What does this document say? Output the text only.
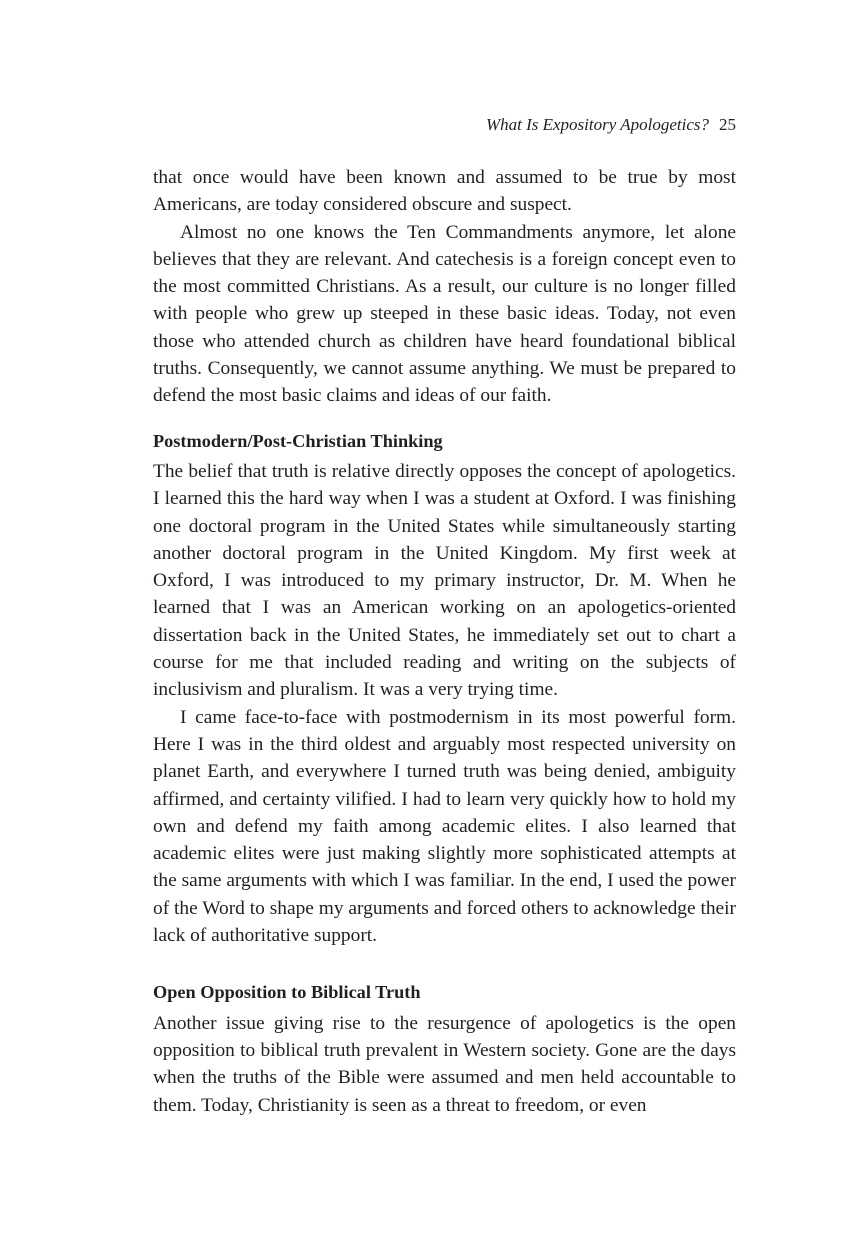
What Is Expository Apologetics? 25

that once would have been known and assumed to be true by most Americans, are today considered obscure and suspect.

Almost no one knows the Ten Commandments anymore, let alone believes that they are relevant. And catechesis is a foreign concept even to the most committed Christians. As a result, our culture is no longer filled with people who grew up steeped in these basic ideas. Today, not even those who attended church as children have heard foundational biblical truths. Consequently, we cannot assume anything. We must be prepared to defend the most basic claims and ideas of our faith.

Postmodern/Post-Christian Thinking

The belief that truth is relative directly opposes the concept of apologetics. I learned this the hard way when I was a student at Oxford. I was finishing one doctoral program in the United States while simultaneously starting another doctoral program in the United Kingdom. My first week at Oxford, I was introduced to my primary instructor, Dr. M. When he learned that I was an American working on an apologetics-oriented dissertation back in the United States, he immediately set out to chart a course for me that included reading and writing on the subjects of inclusivism and pluralism. It was a very trying time.

I came face-to-face with postmodernism in its most powerful form. Here I was in the third oldest and arguably most respected university on planet Earth, and everywhere I turned truth was being denied, ambiguity affirmed, and certainty vilified. I had to learn very quickly how to hold my own and defend my faith among academic elites. I also learned that academic elites were just making slightly more sophisticated attempts at the same arguments with which I was familiar. In the end, I used the power of the Word to shape my arguments and forced others to acknowledge their lack of authoritative support.

Open Opposition to Biblical Truth

Another issue giving rise to the resurgence of apologetics is the open opposition to biblical truth prevalent in Western society. Gone are the days when the truths of the Bible were assumed and men held accountable to them. Today, Christianity is seen as a threat to freedom, or even
